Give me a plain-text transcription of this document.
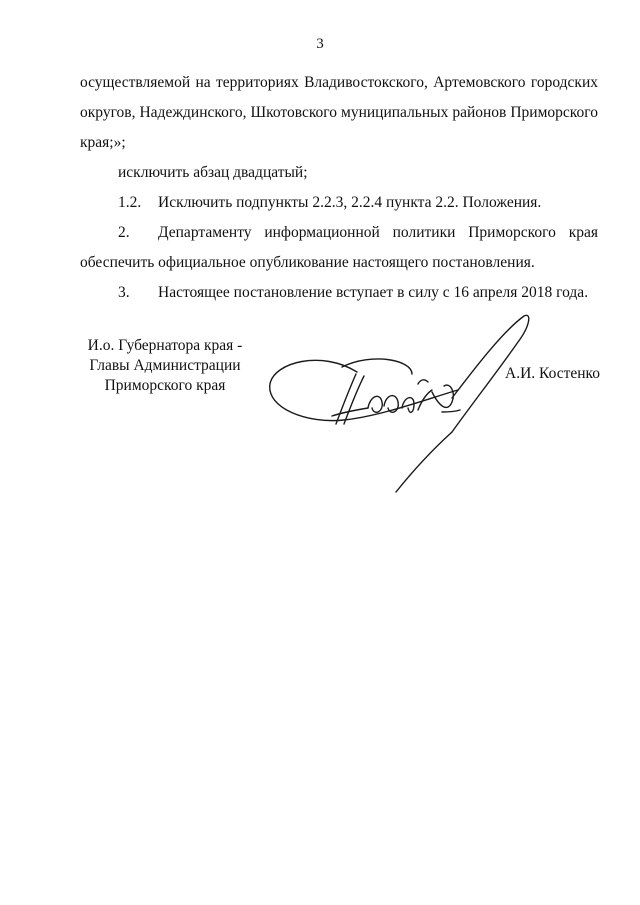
3

осуществляемой на территориях Владивостокского, Артемовского городских

округов, Надеждинского, Шкотовского муниципальных районов Приморского

края;»;

исключить абзац двадцатый;

1.2.	Исключить подпункты 2.2.3, 2.2.4 пункта 2.2. Положения.
2.	Департаменту информационной политики Приморского края

обеспечить официальное опубликование настоящего постановления.

3.	Настоящее постановление вступает в силу с 16 апреля 2018 года.
И.о. Губернатора края -
Главы Администрации
Приморского края
А.И. Костенко
